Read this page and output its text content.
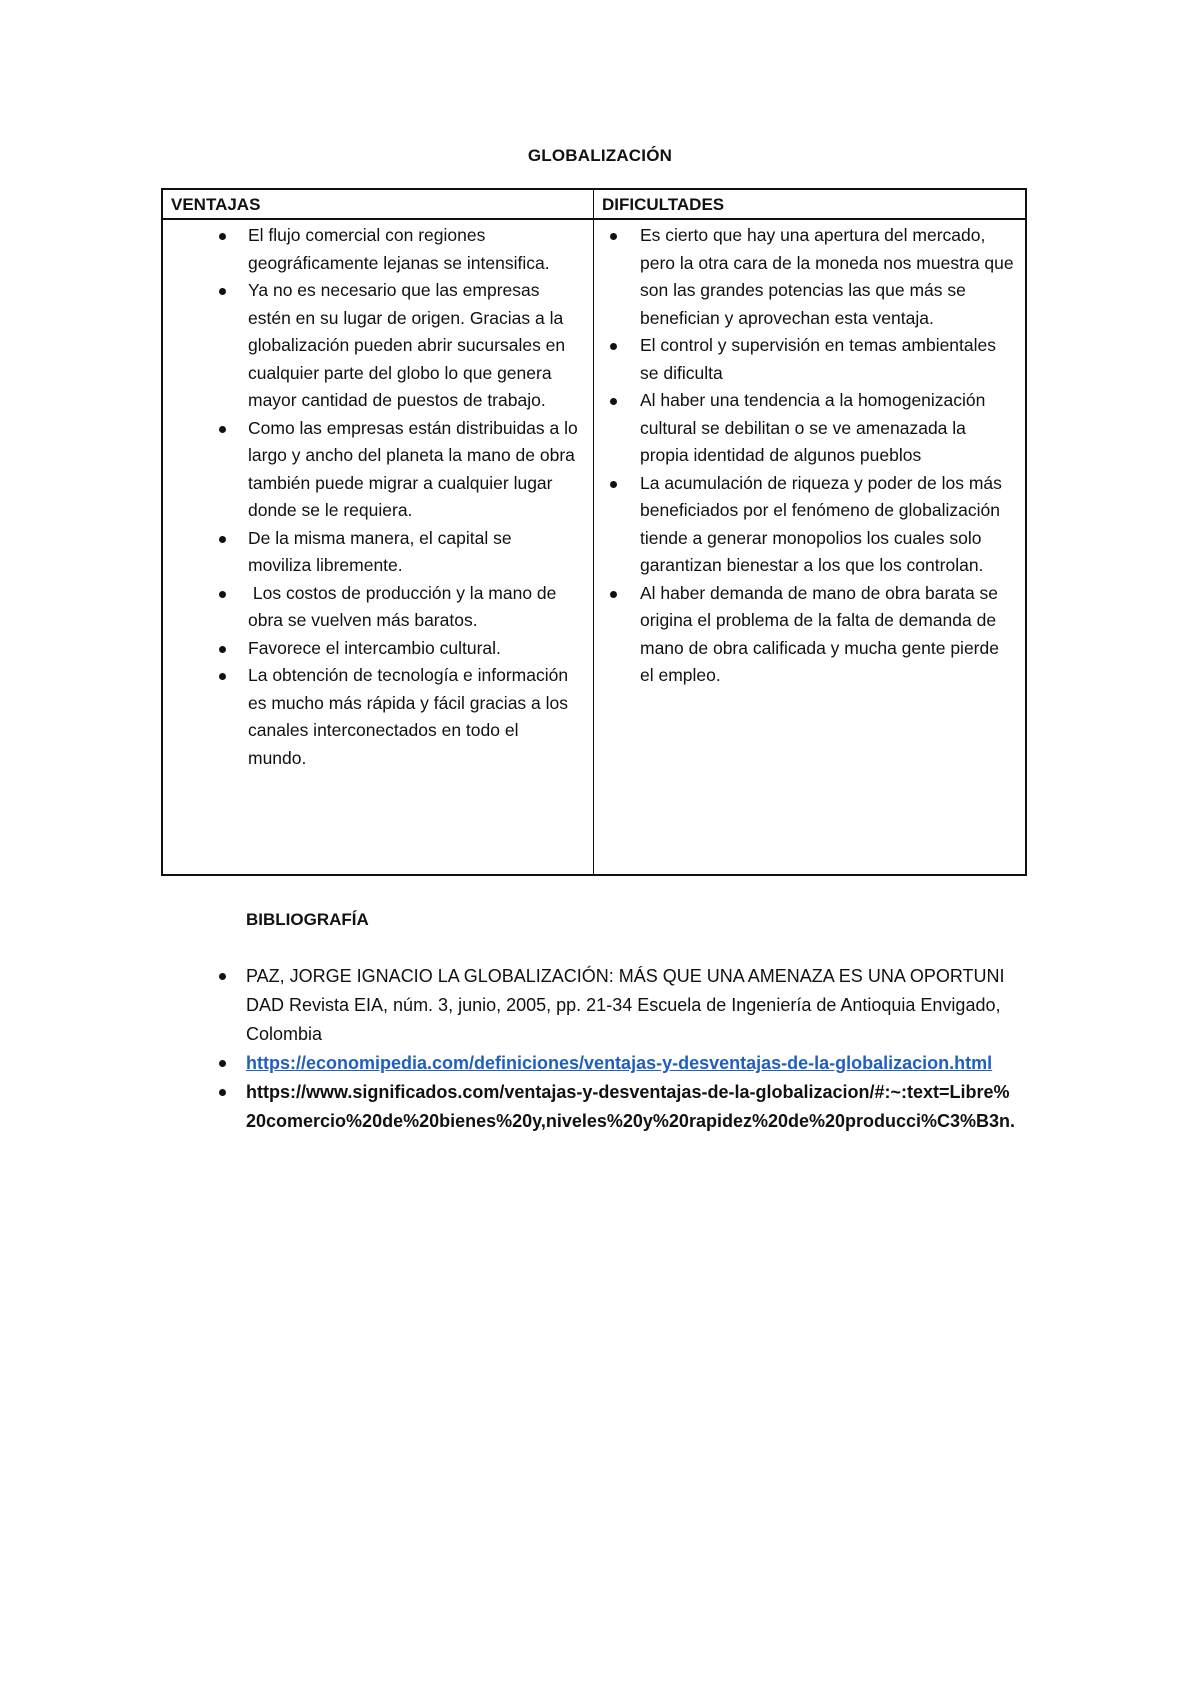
GLOBALIZACIÓN
VENTAJAS	DIFICULTADES
El flujo comercial con regiones geográficamente lejanas se intensifica.
Ya no es necesario que las empresas estén en su lugar de origen. Gracias a la globalización pueden abrir sucursales en cualquier parte del globo lo que genera mayor cantidad de puestos de trabajo.
Como las empresas están distribuidas a lo largo y ancho del planeta la mano de obra también puede migrar a cualquier lugar donde se le requiera.
De la misma manera, el capital se moviliza libremente.
Los costos de producción y la mano de obra se vuelven más baratos.
Favorece el intercambio cultural.
La obtención de tecnología e información es mucho más rápida y fácil gracias a los canales interconectados en todo el mundo.
Es cierto que hay una apertura del mercado, pero la otra cara de la moneda nos muestra que son las grandes potencias las que más se benefician y aprovechan esta ventaja.
El control y supervisión en temas ambientales se dificulta
Al haber una tendencia a la homogenización cultural se debilitan o se ve amenazada la propia identidad de algunos pueblos
La acumulación de riqueza y poder de los más beneficiados por el fenómeno de globalización tiende a generar monopolios los cuales solo garantizan bienestar a los que los controlan.
Al haber demanda de mano de obra barata se origina el problema de la falta de demanda de mano de obra calificada y mucha gente pierde el empleo.
BIBLIOGRAFÍA
PAZ, JORGE IGNACIO LA GLOBALIZACIÓN: MÁS QUE UNA AMENAZA ES UNA OPORTUNIDAD Revista EIA, núm. 3, junio, 2005, pp. 21-34 Escuela de Ingeniería de Antioquia Envigado, Colombia
https://economipedia.com/definiciones/ventajas-y-desventajas-de-la-globalizacion.html
https://www.significados.com/ventajas-y-desventajas-de-la-globalizacion/#:~:text=Libre%20comercio%20de%20bienes%20y,niveles%20y%20rapidez%20de%20producci%C3%B3n.
